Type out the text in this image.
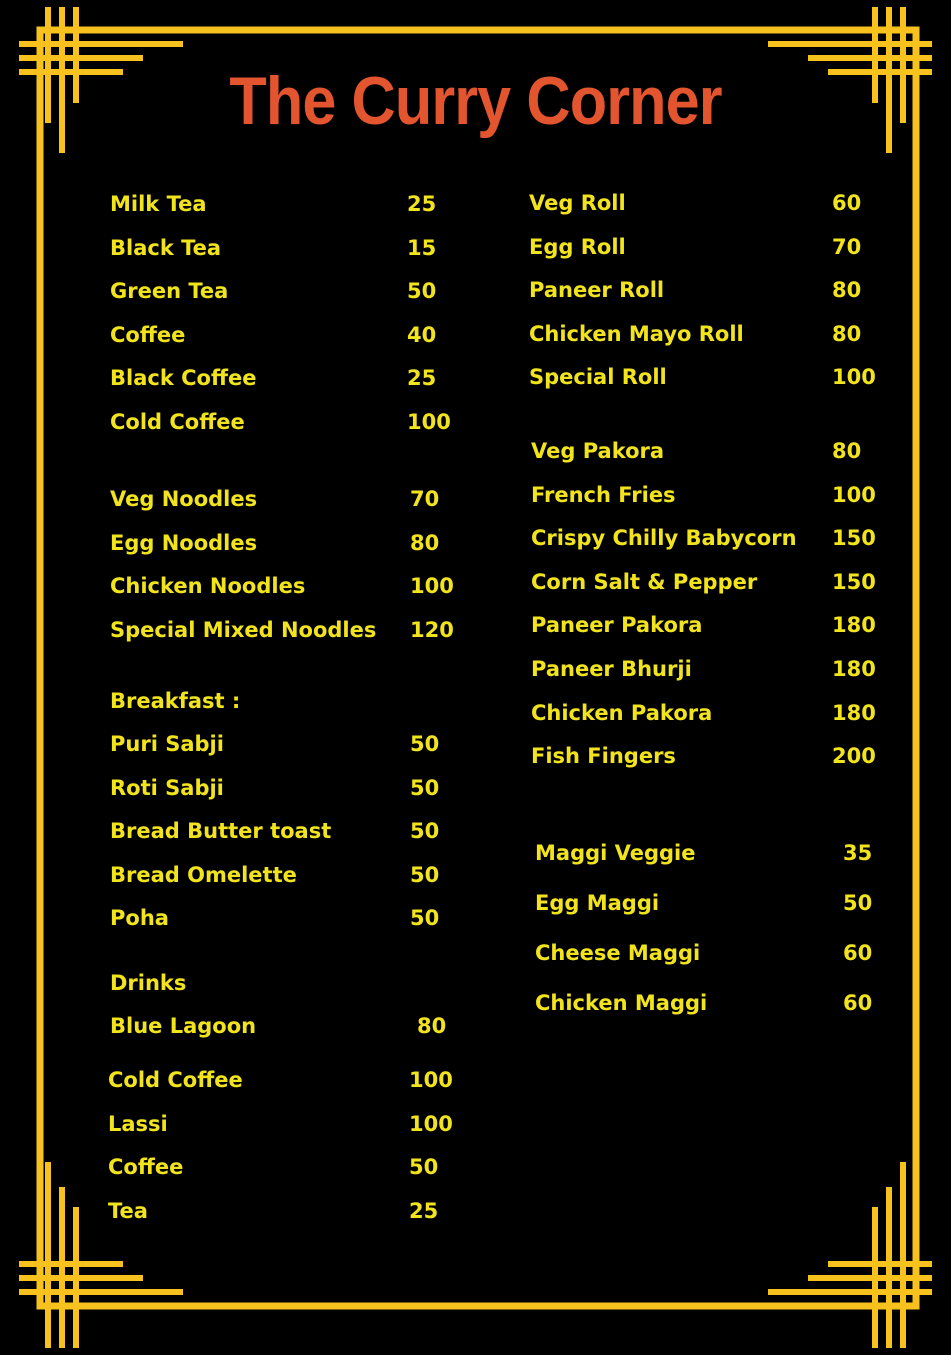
The Curry Corner
Milk Tea	25
Black Tea	15
Green Tea	50
Coffee	40
Black Coffee	25
Cold Coffee	100
Veg Noodles	70
Egg Noodles	80
Chicken Noodles	100
Special Mixed Noodles 120
Breakfast :
Puri Sabji	50
Roti Sabji	50
Bread Butter toast	50
Bread Omelette	50
Poha	50
Drinks
Blue Lagoon	80
Cold Coffee	100
Lassi	100
Coffee	50
Tea	25
Veg Roll	60
Egg Roll	70
Paneer Roll	80
Chicken Mayo Roll	80
Special Roll	100
Veg Pakora	80
French Fries	100
Crispy Chilly Babycorn 150
Corn Salt & Pepper	150
Paneer Pakora	180
Paneer Bhurji	180
Chicken Pakora	180
Fish Fingers	200
Maggi Veggie	35
Egg Maggi	50
Cheese Maggi	60
Chicken Maggi	60
